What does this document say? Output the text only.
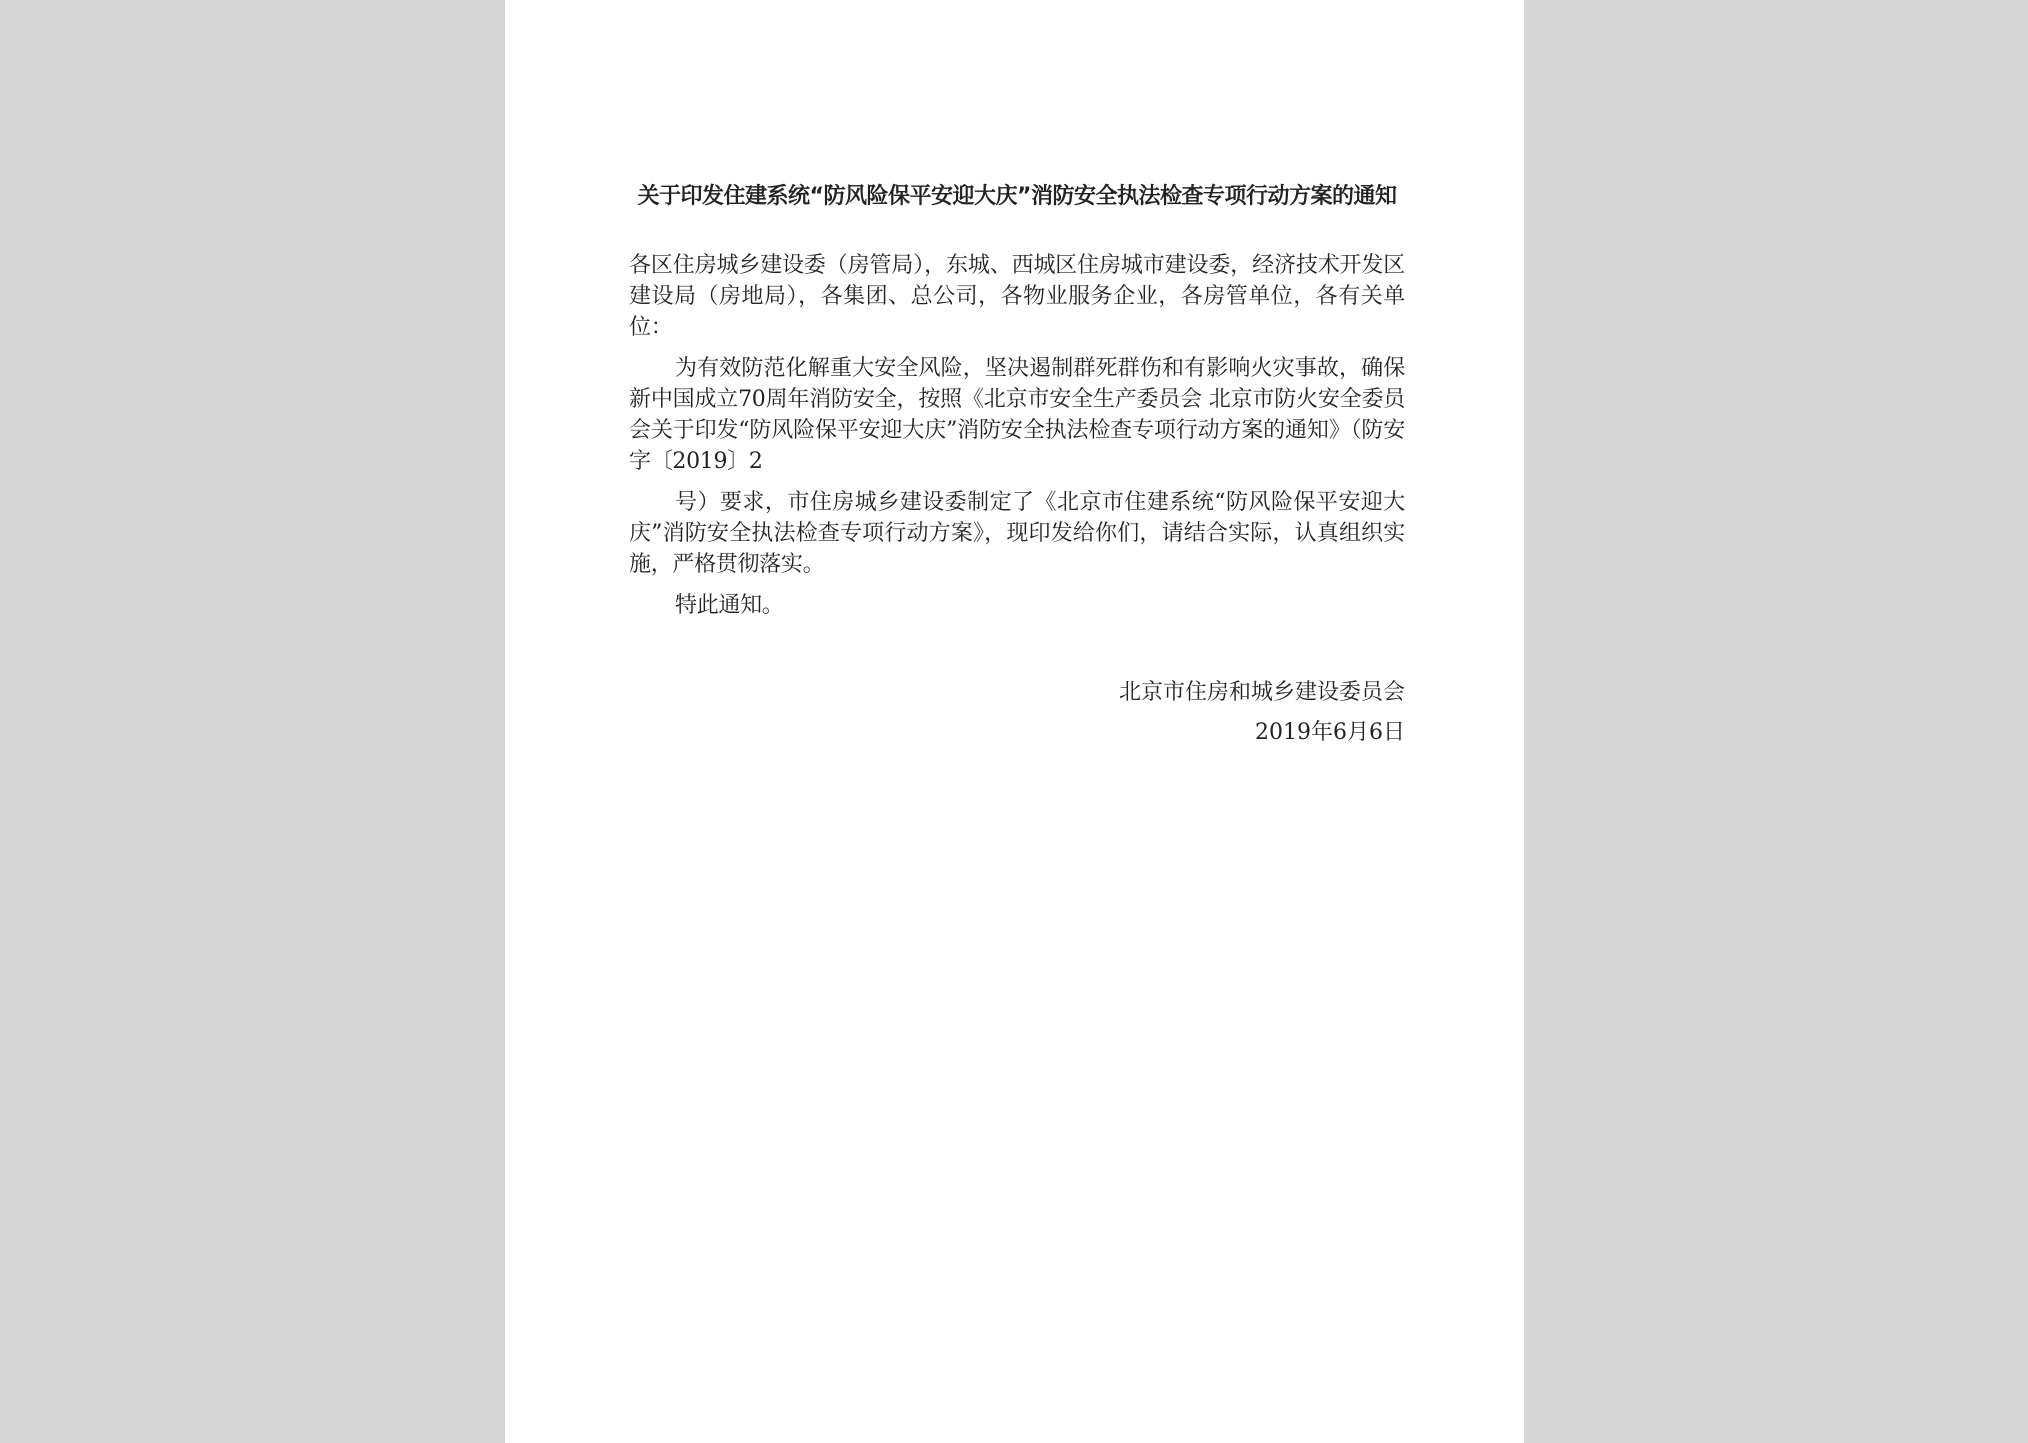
关于印发住建系统“防风险保平安迎大庆”消防安全执法检查专项行动方案的通知

各区住房城乡建设委（房管局），东城、西城区住房城市建设委，经济技术开发区建设局（房地局），各集团、总公司，各物业服务企业，各房管单位，各有关单位：

为有效防范化解重大安全风险，坚决遏制群死群伤和有影响火灾事故，确保新中国成立70周年消防安全，按照《北京市安全生产委员会 北京市防火安全委员会关于印发“防风险保平安迎大庆”消防安全执法检查专项行动方案的通知》（防安字〔2019〕2

号）要求，市住房城乡建设委制定了《北京市住建系统“防风险保平安迎大庆”消防安全执法检查专项行动方案》，现印发给你们，请结合实际，认真组织实施，严格贯彻落实。

特此通知。

北京市住房和城乡建设委员会
2019年6月6日
